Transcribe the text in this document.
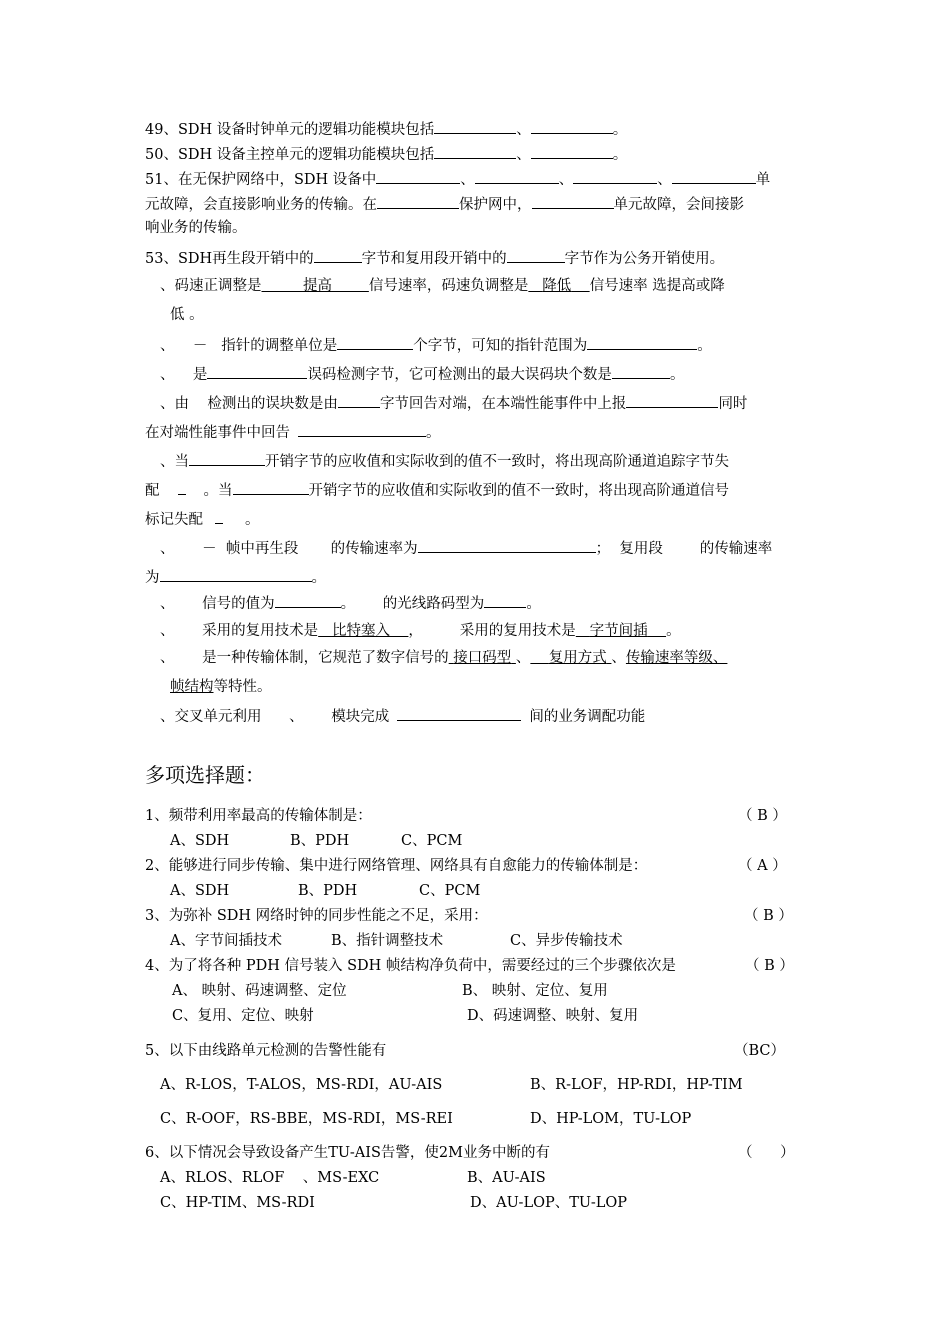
49、SDH 设备时钟单元的逻辑功能模块包括	、	。
50、SDH 设备主控单元的逻辑功能模块包括	、	。
51、在无保护网络中，SDH 设备中	、	、	、	单
元故障，会直接影响业务的传输。在	保护网中，	单元故障，会间接影
响业务的传输。
53、SDH再生段开销中的	字节和复用段开销中的	字节作为公务开销使用。
、码速正调整是	提高	信号速率，码速负调整是 降低 信号速率 选提高或降
低 。
、    －   指针的调整单位是	个字节，可知的指针范围为	。
、    是	误码检测字节，它可检测出的最大误码块个数是	。
、由    检测出的误块数是由	字节回告对端，在本端性能事件中上报	同时
在对端性能事件中回告	。
、当	开销字节的应收值和实际收到的值不一致时，将出现高阶通道追踪字节失
配	。当	开销字节的应收值和实际收到的值不一致时，将出现高阶通道信号
标记失配	。
、      －  帧中再生段       的传输速率为	；  复用段        的传输速率
为	。
、      信号的值为	。      的光线路码型为	。
、      采用的复用技术是 比特塞入 ，        采用的复用技术是 字节间插 。
、      是一种传输体制，它规范了数字信号的 接口码型 、 复用方式 、传输速率等级、
帧结构等特性。
、交叉单元利用      、      模块完成	间的业务调配功能
多项选择题：
1、频带利用率最高的传输体制是：	（ B ）
A、SDH	B、PDH	C、PCM
2、能够进行同步传输、集中进行网络管理、网络具有自愈能力的传输体制是：	（ A ）
A、SDH	B、PDH	C、PCM
3、为弥补 SDH 网络时钟的同步性能之不足，采用：	（ B ）
A、字节间插技术	B、指针调整技术	C、异步传输技术
4、为了将各种 PDH 信号装入 SDH 帧结构净负荷中，需要经过的三个步骤依次是	（ B ）
A、 映射、码速调整、定位	B、 映射、定位、复用
C、复用、定位、映射	D、码速调整、映射、复用
5、以下由线路单元检测的告警性能有	（BC）
A、R-LOS，T-ALOS，MS-RDI，AU-AIS	B、R-LOF，HP-RDI，HP-TIM
C、R-OOF，RS-BBE，MS-RDI，MS-REI	D、HP-LOM，TU-LOP
6、以下情况会导致设备产生TU-AIS告警，使2M业务中断的有	（      ）
A、RLOS、RLOF    、MS-EXC	B、AU-AIS
C、HP-TIM、MS-RDI	D、AU-LOP、TU-LOP
